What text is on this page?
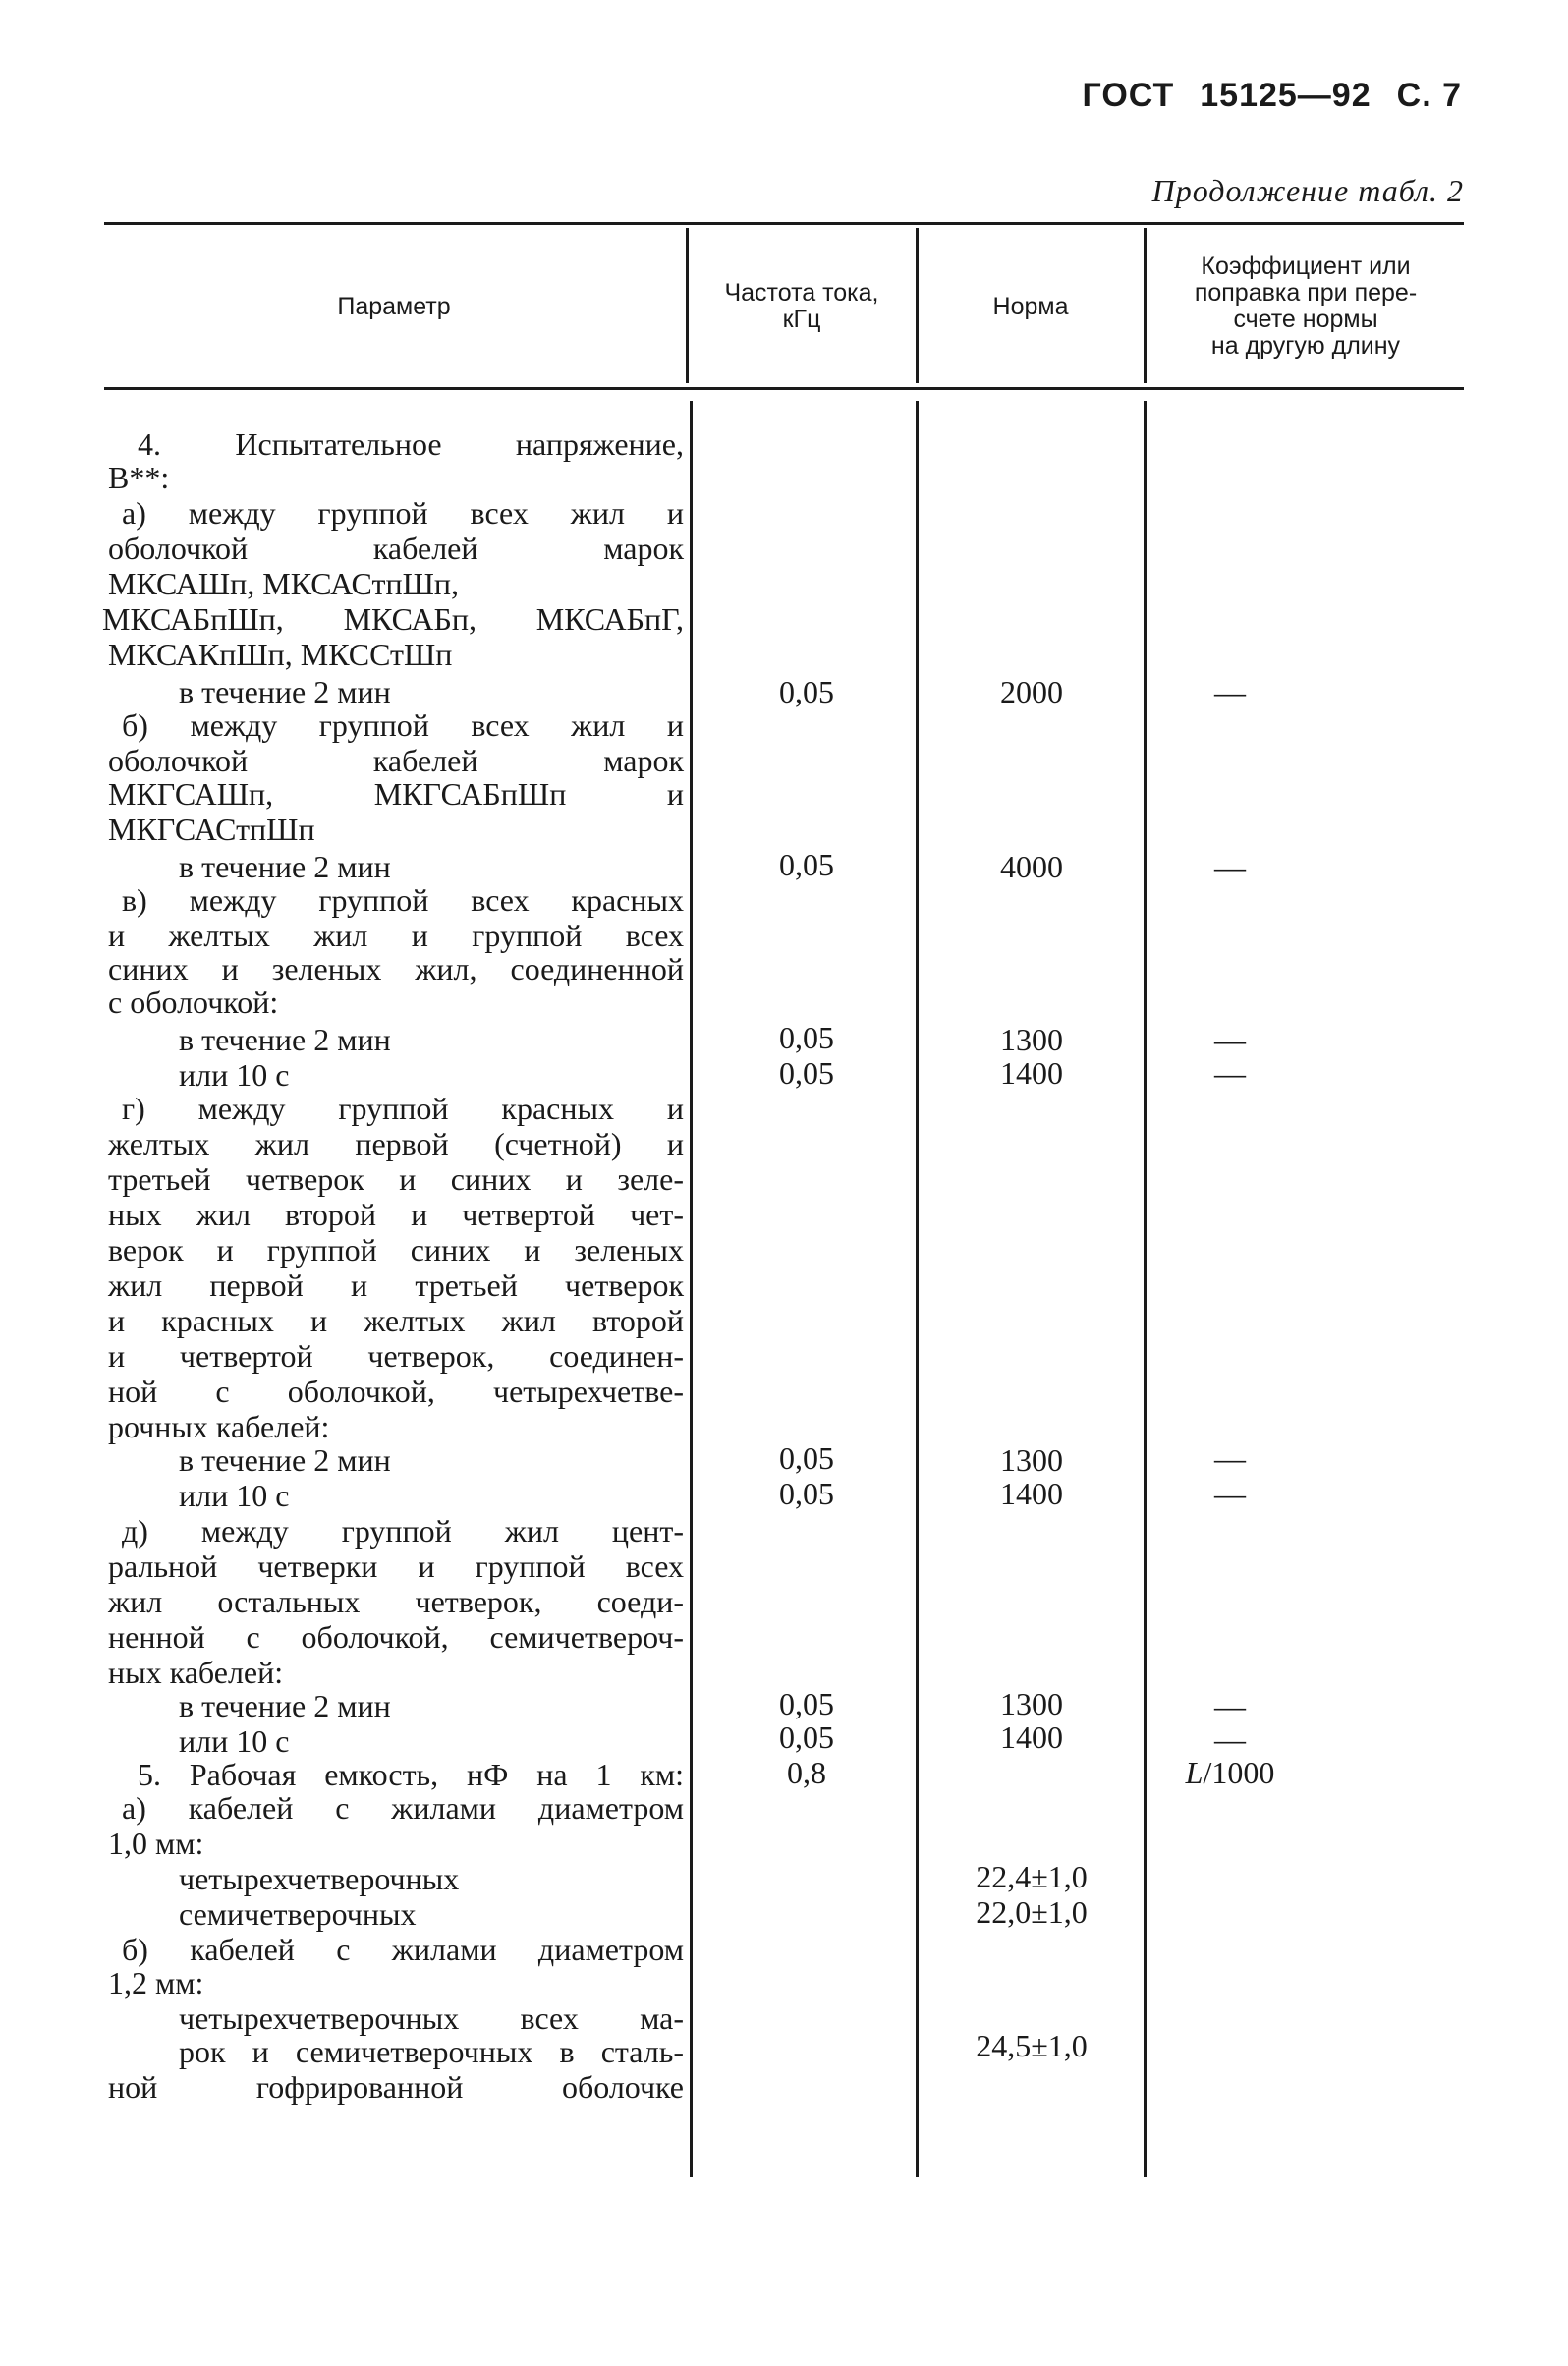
ГОСТ 15125—92 С. 7
Продолжение табл. 2
Параметр	Частота тока,
кГц	Норма
Коэффициент или
поправка при пере-
счете нормы
на другую длину
4. Испытательное напряжение,
В**:
а) между группой всех жил и
оболочкой кабелей марок
МКСАШп, МКСАСтпШп,
МКСАБпШп, МКСАБп, МКСАБпГ,
МКСАКпШп, МКССтШп
в течение 2 мин
б) между группой всех жил и
оболочкой кабелей марок
МКГСАШп, МКГСАБпШп и
МКГСАСтпШп
в течение 2 мин
в) между группой всех красных
и желтых жил и группой всех
синих и зеленых жил, соединенной
с оболочкой:
в течение 2 мин
или 10 с
г) между группой красных и
желтых жил первой (счетной) и
третьей четверок и синих и зеле-
ных жил второй и четвертой чет-
верок и группой синих и зеленых
жил первой и третьей четверок
и красных и желтых жил второй
и четвертой четверок, соединен-
ной с оболочкой, четырехчетве-
рочных кабелей:
в течение 2 мин
или 10 с
д) между группой жил цент-
ральной четверки и группой всех
жил остальных четверок, соеди-
ненной с оболочкой, семичетвероч-
ных кабелей:
в течение 2 мин
или 10 с
5. Рабочая емкость, нФ на 1 км:
а) кабелей с жилами диаметром
1,0 мм:
четырехчетверочных
семичетверочных
б) кабелей с жилами диаметром
1,2 мм:
четырехчетверочных всех ма-
рок и семичетверочных в сталь-
ной гофрированной оболочке
0,05
0,05
0,05
0,05
0,05
0,05
0,05
0,05
0,8
2000
4000
1300
1400
1300
1400
1300
1400
22,4±1,0
22,0±1,0
24,5±1,0
—
—
—
—
—
—
—
—
L/1000
